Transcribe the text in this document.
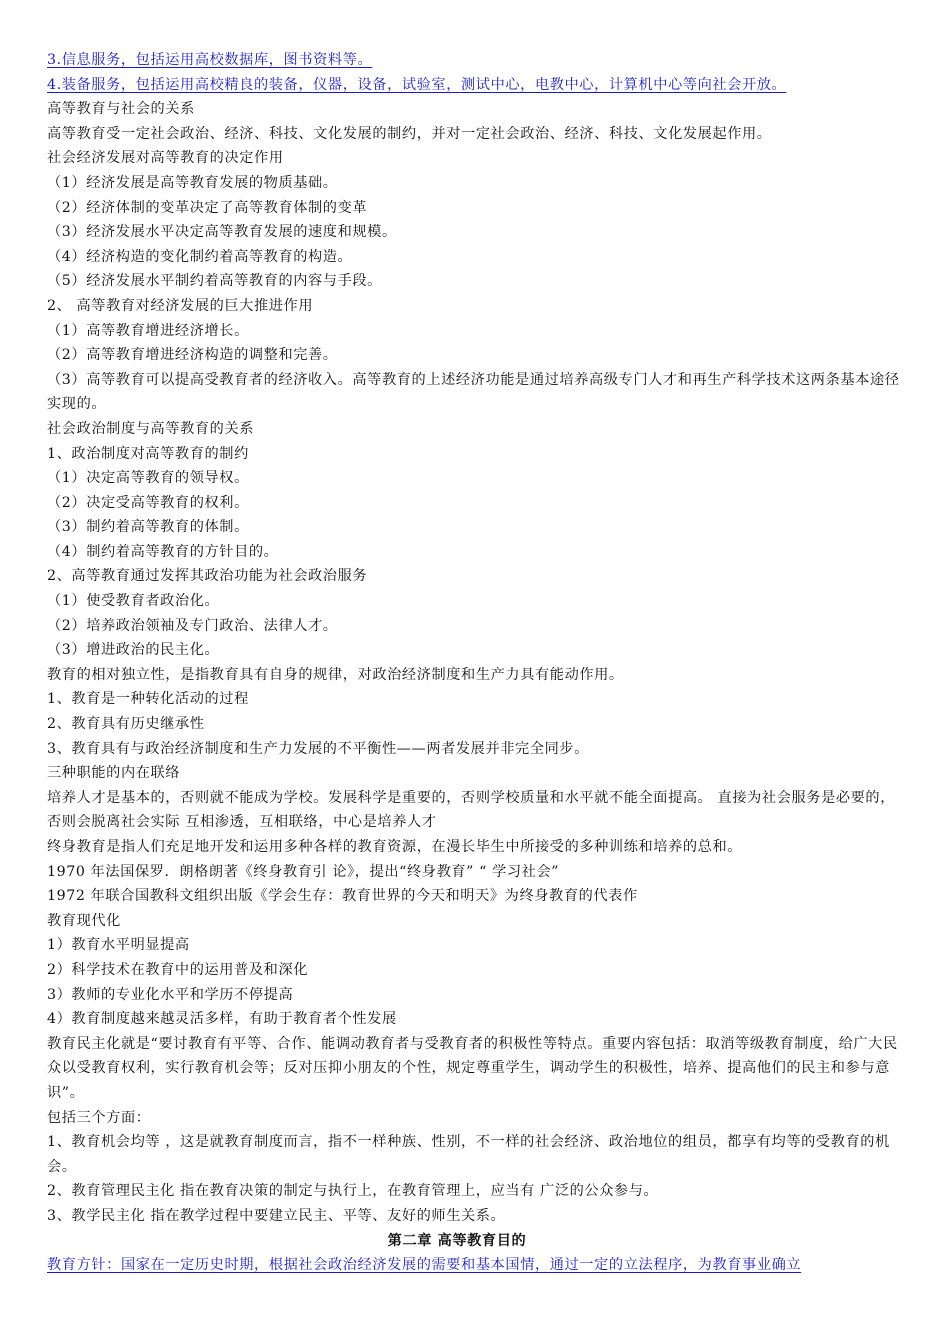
3.信息服务，包括运用高校数据库，图书资料等。
4.装备服务，包括运用高校精良的装备，仪器，设备，试验室，测试中心，电教中心，计算机中心等向社会开放。
高等教育与社会的关系
高等教育受一定社会政治、经济、科技、文化发展的制约，并对一定社会政治、经济、科技、文化发展起作用。
社会经济发展对高等教育的决定作用
（1）经济发展是高等教育发展的物质基础。
（2）经济体制的变革决定了高等教育体制的变革
（3）经济发展水平决定高等教育发展的速度和规模。
（4）经济构造的变化制约着高等教育的构造。
（5）经济发展水平制约着高等教育的内容与手段。
2、 高等教育对经济发展的巨大推进作用
（1）高等教育增进经济增长。
（2）高等教育增进经济构造的调整和完善。
（3）高等教育可以提高受教育者的经济收入。高等教育的上述经济功能是通过培养高级专门人才和再生产科学技术这两条基本途径实现的。
社会政治制度与高等教育的关系
1、政治制度对高等教育的制约
（1）决定高等教育的领导权。
（2）决定受高等教育的权利。
（3）制约着高等教育的体制。
（4）制约着高等教育的方针目的。
2、高等教育通过发挥其政治功能为社会政治服务
（1）使受教育者政治化。
（2）培养政治领袖及专门政治、法律人才。
（3）增进政治的民主化。
教育的相对独立性，是指教育具有自身的规律，对政治经济制度和生产力具有能动作用。
1、教育是一种转化活动的过程
2、教育具有历史继承性
3、教育具有与政治经济制度和生产力发展的不平衡性——两者发展并非完全同步。
三种职能的内在联络
培养人才是基本的，否则就不能成为学校。发展科学是重要的，否则学校质量和水平就不能全面提高。 直接为社会服务是必要的，否则会脱离社会实际 互相渗透，互相联络，中心是培养人才
终身教育是指人们充足地开发和运用多种各样的教育资源，在漫长毕生中所接受的多种训练和培养的总和。
1970 年法国保罗．朗格朗著《终身教育引 论》，提出“终身教育” “ 学习社会”
1972 年联合国教科文组织出版《学会生存：教育世界的今天和明天》为终身教育的代表作
教育现代化
1）教育水平明显提高
2）科学技术在教育中的运用普及和深化
3）教师的专业化水平和学历不停提高
4）教育制度越来越灵活多样，有助于教育者个性发展
教育民主化就是“要讨教育有平等、合作、能调动教育者与受教育者的积极性等特点。重要内容包括：取消等级教育制度，给广大民众以受教育权利，实行教育机会等；反对压抑小朋友的个性，规定尊重学生，调动学生的积极性，培养、提高他们的民主和参与意识”。
包括三个方面：
1、教育机会均等 ，这是就教育制度而言，指不一样种族、性别，不一样的社会经济、政治地位的组员，都享有均等的受教育的机会。
2、教育管理民主化 指在教育决策的制定与执行上，在教育管理上，应当有 广泛的公众参与。
3、教学民主化 指在教学过程中要建立民主、平等、友好的师生关系。
第二章 高等教育目的
教育方针：国家在一定历史时期，根据社会政治经济发展的需要和基本国情，通过一定的立法程序，为教育事业确立
